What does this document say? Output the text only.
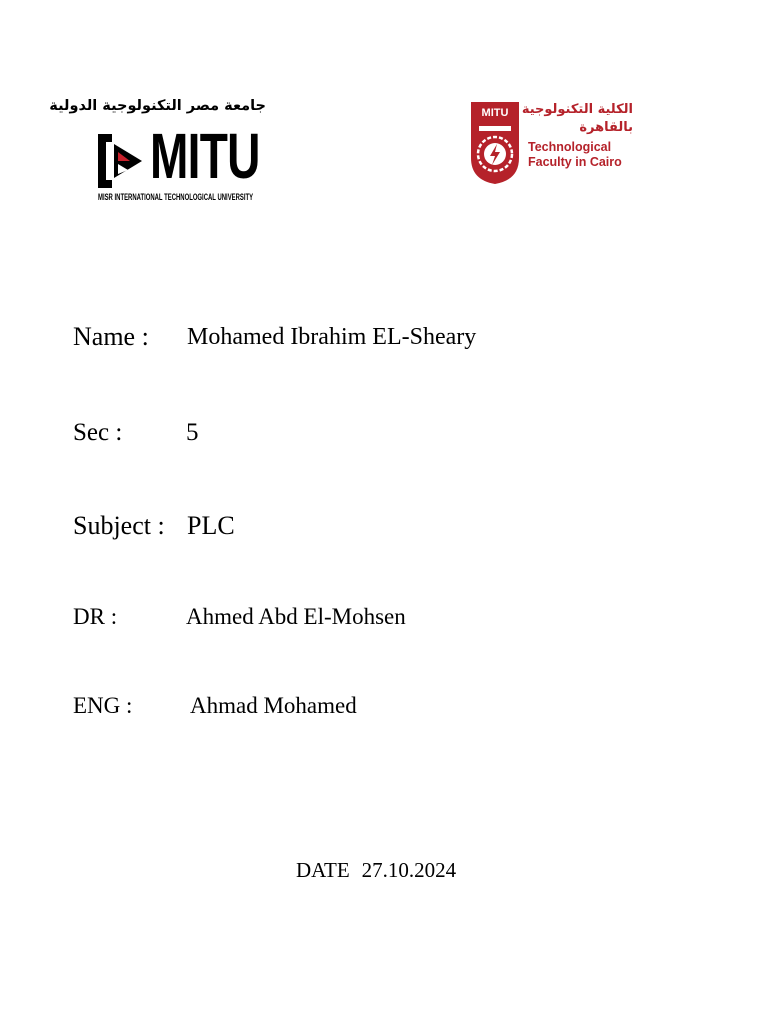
جامعة مصر التكنولوجية الدولية
MITU
MISR INTERNATIONAL TECHNOLOGICAL UNIVERSITY
MITU الكلية التكنولوجية
بالقاهرة
Technological
Faculty in Cairo
Name : Mohamed Ibrahim EL-Sheary
Sec :	5
Subject : PLC
DR :	Ahmed Abd El-Mohsen
ENG :	Ahmad Mohamed
DATE 27.10.2024
